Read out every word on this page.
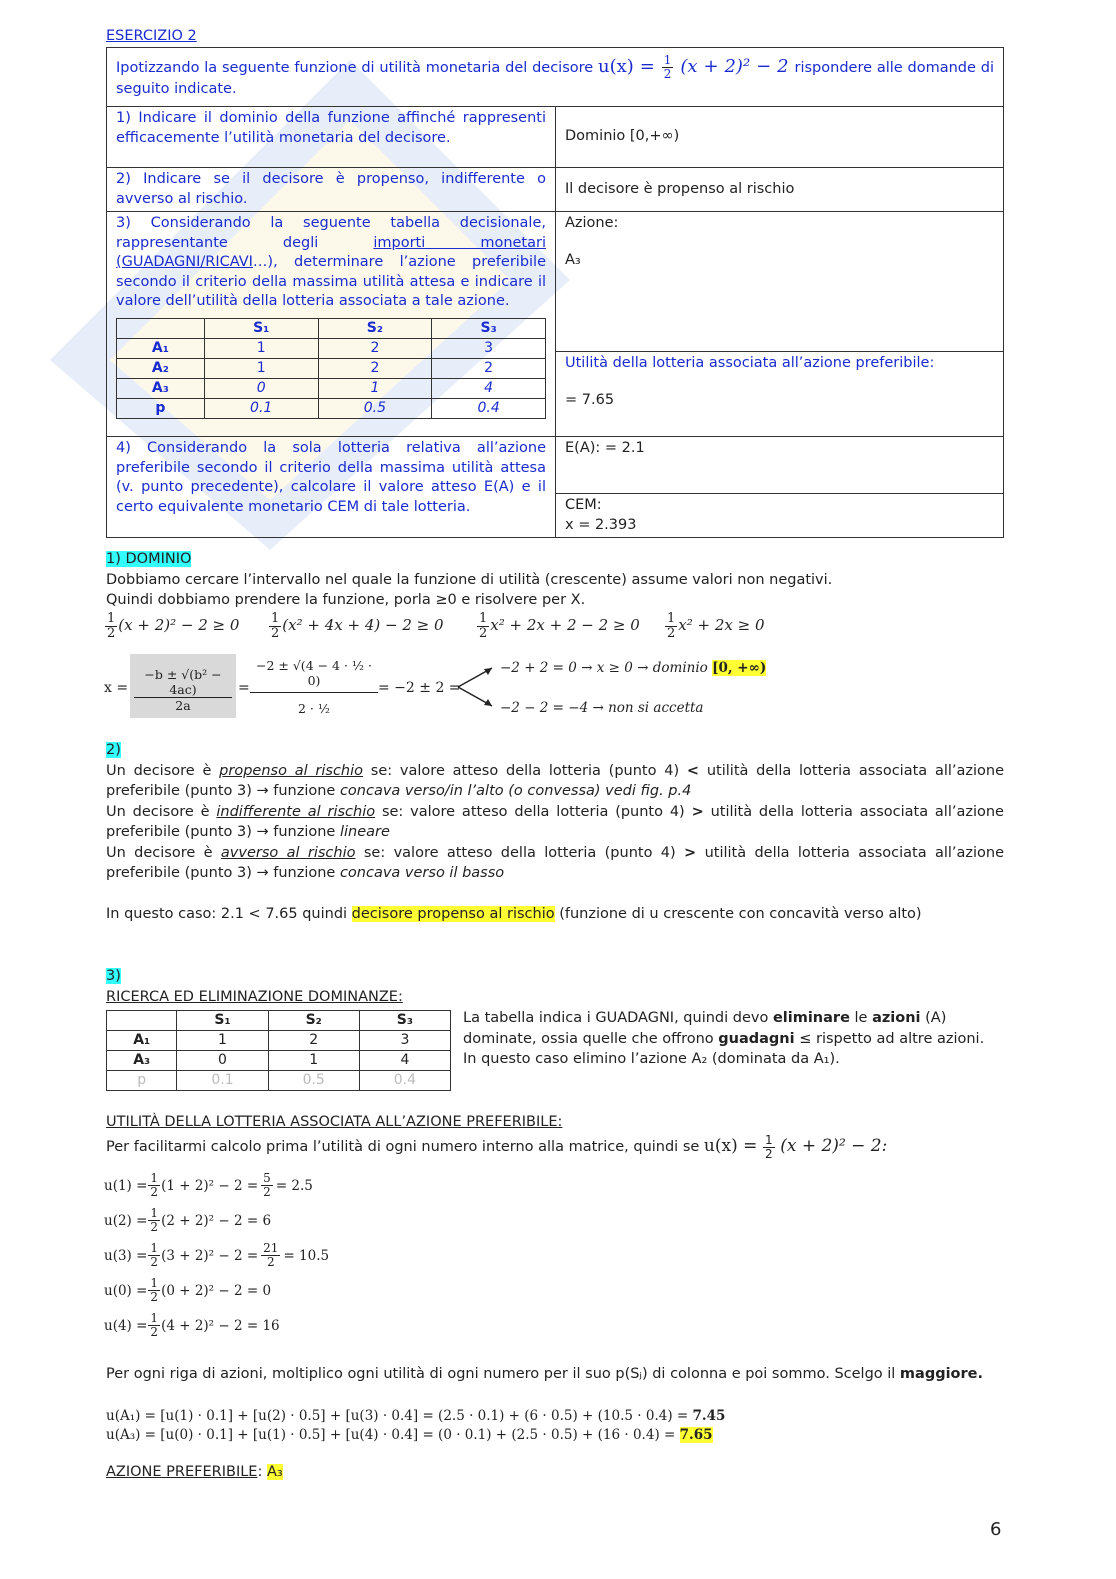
ESERCIZIO 2
Ipotizzando la seguente funzione di utilità monetaria del decisore $u(x) = \frac{1}{2} (x + 2)^2 - 2$ rispondere alle domande di seguito indicate.
1) Indicare il dominio della funzione affinché rappresenti efficacemente l’utilità monetaria del decisore.	Dominio [0,+∞)
2) Indicare se il decisore è propenso, indifferente o avverso al rischio.	Il decisore è propenso al rischio
3) Considerando la seguente tabella decisionale, rappresentante degli	importi monetari (GUADAGNI/RICAVI…), determinare l’azione preferibile secondo il criterio della massima utilità attesa e indicare il valore dell’utilità della lotteria associata a tale azione.
	S₁	S₂	S₃
A₁	1	2	3
A₂	1	2	2
A₃	0	1	4
p	0.1	0.5	0.4

Azione:
A₃

Utilità della lotteria associata all’azione preferibile:
= 7.65

4) Considerando la sola lotteria relativa all’azione preferibile secondo il criterio della massima utilità attesa (v. punto precedente), calcolare il valore atteso E(A) e il certo equivalente monetario CEM di tale lotteria.	E(A): = 2.1

CEM:
x = 2.393
1) DOMINIO
Dobbiamo cercare l’intervallo nel quale la funzione di utilità (crescente) assume valori non negativi.
Quindi dobbiamo prendere la funzione, porla ≥0 e risolvere per X.
$\frac{1}{2} (x + 2)^2 - 2 \ge 0 \frac{1}{2} (x^2 + 4x + 4) - 2 \ge 0$	$\frac{1}{2} x^2 + 2x + 2 - 2 \ge 0 \frac{1}{2} x^2 + 2x \ge 0$
x =
−b ± √(b² − 4ac)
2a
=
−2 ± √(4 − 4 · ½ · 0)
2 · ½
= −2 ± 2 =
−2 + 2 = 0 → x ≥ 0 → dominio [0, +∞)
−2 − 2 = −4 → non si accetta
2)
Un decisore è propenso al rischio se: valore atteso della lotteria (punto 4) < utilità della lotteria associata all’azione preferibile (punto 3) → funzione concava verso/in l’alto (o convessa) vedi fig. p.4
Un decisore è indifferente al rischio se: valore atteso della lotteria (punto 4) > utilità della lotteria associata all’azione preferibile (punto 3) → funzione lineare
Un decisore è avverso al rischio se: valore atteso della lotteria (punto 4) > utilità della lotteria associata all’azione preferibile (punto 3) → funzione concava verso il basso
In questo caso: 2.1 < 7.65 quindi decisore propenso al rischio (funzione di u crescente con concavità verso alto)
3)
RICERCA ED ELIMINAZIONE DOMINANZE:
	S₁	S₂	S₃
A₁	1	2	3
A₃	0	1	4
p	0.1	0.5	0.4
La tabella indica i GUADAGNI, quindi devo eliminare le azioni (A) dominate, ossia quelle che offrono guadagni ≤ rispetto ad altre azioni.
In questo caso elimino l’azione A₂ (dominata da A₁).
UTILITÀ DELLA LOTTERIA ASSOCIATA ALL’AZIONE PREFERIBILE:
Per facilitarmi calcolo prima l’utilità di ogni numero interno alla matrice, quindi se $u(x) = \frac{1}{2} (x + 2)^2 - 2$:
$u(1) = \frac{1}{2} (1 + 2)^2 - 2 = \frac{5}{2} = 2.5$
$u(2) = \frac{1}{2} (2 + 2)^2 - 2 = 6$
$u(3) = \frac{1}{2} (3 + 2)^2 - 2 = \frac{21}{2} = 10.5$
$u(0) = \frac{1}{2} (0 + 2)^2 - 2 = 0$
$u(4) = \frac{1}{2} (4 + 2)^2 - 2 = 16$
Per ogni riga di azioni, moltiplico ogni utilità di ogni numero per il suo p(Sⱼ) di colonna e poi sommo. Scelgo il maggiore.
u(A₁) = [u(1) · 0.1] + [u(2) · 0.5] + [u(3) · 0.4] = (2.5 · 0.1) + (6 · 0.5) + (10.5 · 0.4) = 7.45
u(A₃) = [u(0) · 0.1] + [u(1) · 0.5] + [u(4) · 0.4] = (0 · 0.1) + (2.5 · 0.5) + (16 · 0.4) = 7.65
AZIONE PREFERIBILE: A₃
6
